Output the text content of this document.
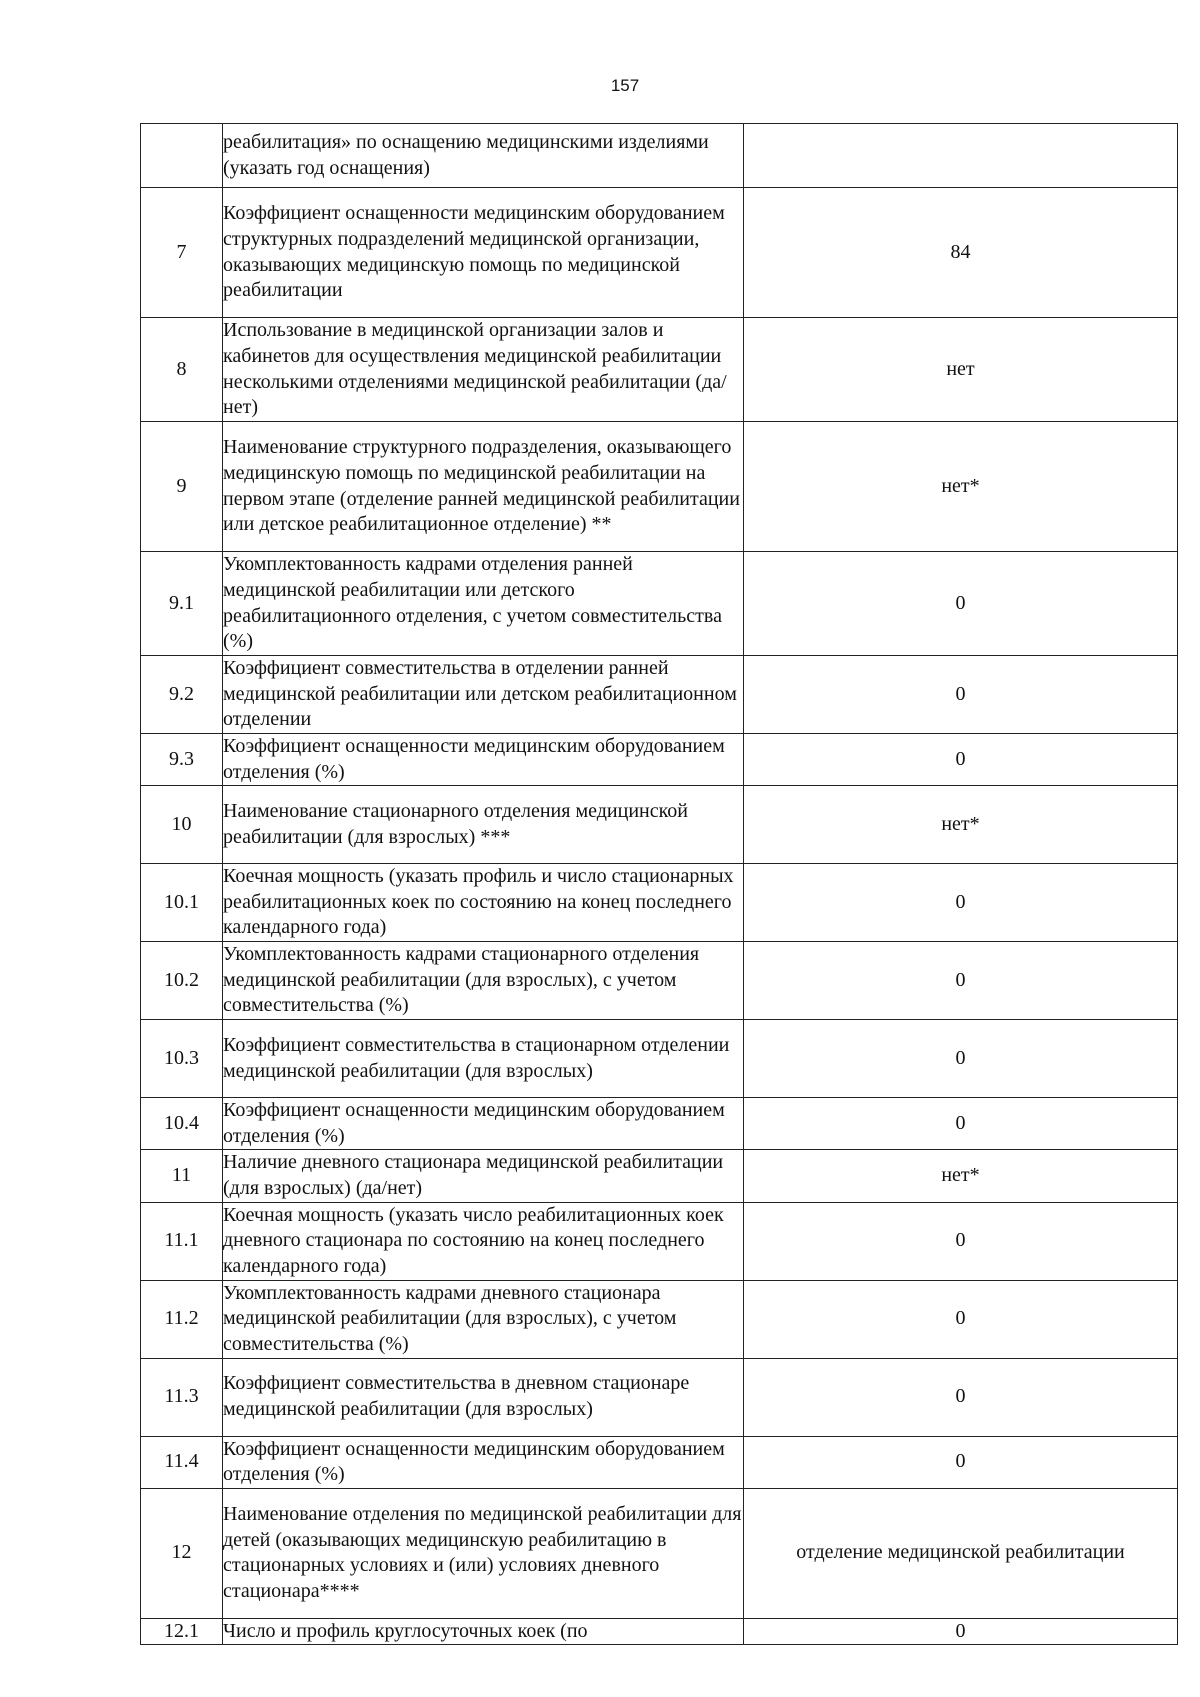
157
	реабилитация» по оснащению медицинскими изделиями (указать год оснащения)	
7	Коэффициент оснащенности медицинским оборудованием структурных подразделений медицинской организации, оказывающих медицинскую помощь по медицинской реабилитации	84
8	Использование в медицинской организации залов и кабинетов для осуществления медицинской реабилитации несколькими отделениями медицинской реабилитации (да/нет)	нет
9	Наименование структурного подразделения, оказывающего медицинскую помощь по медицинской реабилитации на первом этапе (отделение ранней медицинской реабилитации или детское реабилитационное отделение) **	нет*
9.1	Укомплектованность кадрами отделения ранней медицинской реабилитации или детского реабилитационного отделения, с учетом совместительства (%)	0
9.2	Коэффициент совместительства в отделении ранней медицинской реабилитации или детском реабилитационном отделении	0
9.3	Коэффициент оснащенности медицинским оборудованием отделения (%)	0
10	Наименование стационарного отделения медицинской реабилитации (для взрослых) ***	нет*
10.1	Коечная мощность (указать профиль и число стационарных реабилитационных коек по состоянию на конец последнего календарного года)	0
10.2	Укомплектованность кадрами стационарного отделения медицинской реабилитации (для взрослых), с учетом совместительства (%)	0
10.3	Коэффициент совместительства в стационарном отделении медицинской реабилитации (для взрослых)	0
10.4	Коэффициент оснащенности медицинским оборудованием отделения (%)	0
11	Наличие дневного стационара медицинской реабилитации (для взрослых) (да/нет)	нет*
11.1	Коечная мощность (указать число реабилитационных коек дневного стационара по состоянию на конец последнего календарного года)	0
11.2	Укомплектованность кадрами дневного стационара медицинской реабилитации (для взрослых), с учетом совместительства (%)	0
11.3	Коэффициент совместительства в дневном стационаре медицинской реабилитации (для взрослых)	0
11.4	Коэффициент оснащенности медицинским оборудованием отделения (%)	0
12	Наименование отделения по медицинской реабилитации для детей (оказывающих медицинскую реабилитацию в стационарных условиях и (или) условиях дневного стационара****	отделение медицинской реабилитации
12.1	Число и профиль круглосуточных коек (по	0
